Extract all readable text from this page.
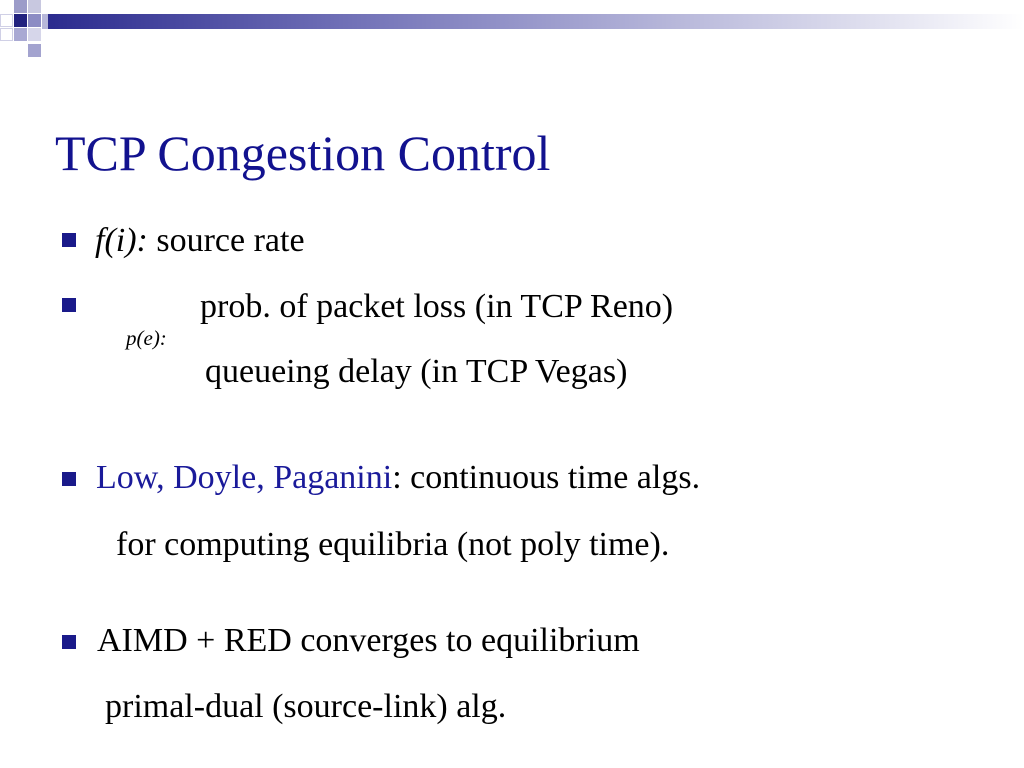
TCP Congestion Control
f(i): source rate
p(e):
prob. of packet loss (in TCP Reno)
queueing delay (in TCP Vegas)
Low, Doyle, Paganini: continuous time algs.
for computing equilibria (not poly time).
AIMD + RED converges to equilibrium
primal-dual (source-link) alg.
